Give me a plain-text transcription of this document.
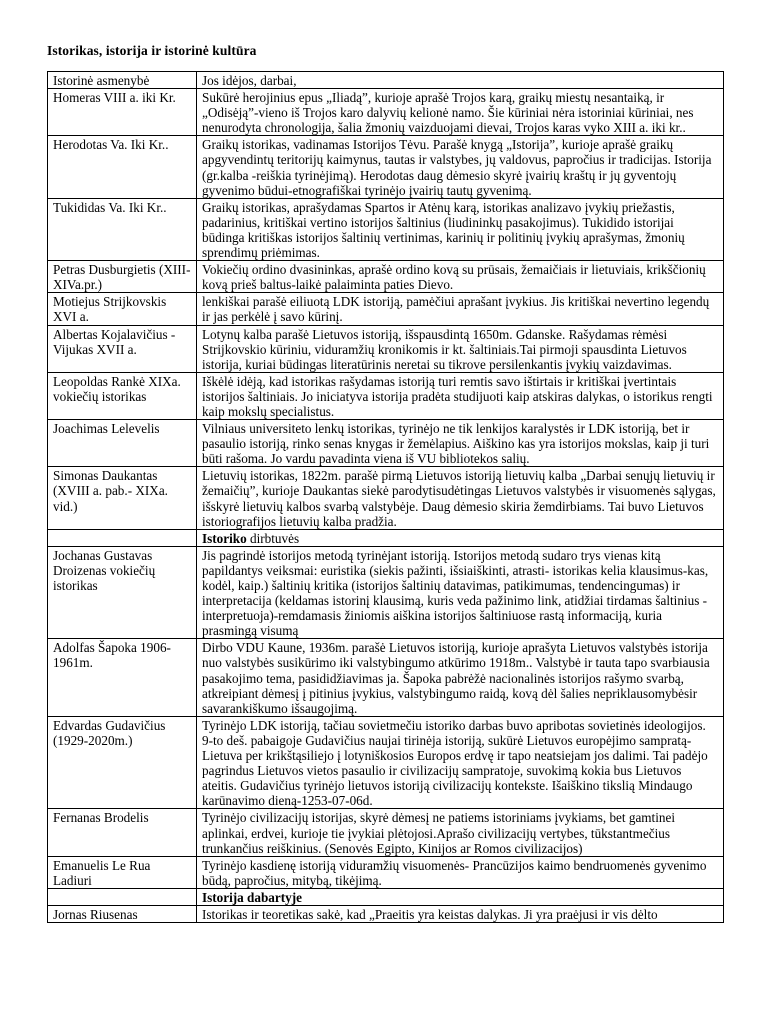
Istorikas, istorija ir istorinė kultūra
Istorinė asmenybė	Jos idėjos, darbai,
Homeras VIII a. iki Kr.	Sukūrė herojinius epus „Iliadą”, kurioje aprašė Trojos karą, graikų miestų nesantaiką, ir „Odisėją”-vieno iš Trojos karo dalyvių kelionė namo. Šie kūriniai nėra istoriniai kūriniai, nes nenurodyta chronologija, šalia žmonių vaizduojami dievai, Trojos karas vyko XIII a. iki kr..
Herodotas Va. Iki Kr..	Graikų istorikas, vadinamas Istorijos Tėvu. Parašė knygą „Istorija”, kurioje aprašė graikų apgyvendintų teritorijų kaimynus, tautas ir valstybes, jų valdovus, papročius ir tradicijas. Istorija (gr.kalba -reiškia tyrinėjimą). Herodotas daug dėmesio skyrė įvairių kraštų ir jų gyventojų gyvenimo būdui-etnografiškai tyrinėjo įvairių tautų gyvenimą.
Tukididas Va. Iki Kr..	Graikų istorikas, aprašydamas Spartos ir Atėnų karą, istorikas analizavo įvykių priežastis, padarinius, kritiškai vertino istorijos šaltinius (liudininkų pasakojimus). Tukidido istorijai būdinga kritiškas istorijos šaltinių vertinimas, karinių ir politinių įvykių aprašymas, žmonių sprendimų priėmimas.
Petras Dusburgietis (XIII-XIVa.pr.)	Vokiečių ordino dvasininkas, aprašė ordino kovą su prūsais, žemaičiais ir lietuviais, krikščionių kovą prieš baltus-laikė palaiminta paties Dievo.
Motiejus Strijkovskis XVI a.	lenkiškai parašė eiliuotą LDK istoriją, pamėčiui aprašant įvykius. Jis kritiškai nevertino legendų ir jas perkėlė į savo kūrinį.
Albertas Kojalavičius -Vijukas XVII a.	Lotynų kalba parašė Lietuvos istoriją, išspausdintą 1650m. Gdanske. Rašydamas rėmėsi Strijkovskio kūriniu, viduramžių kronikomis ir kt. šaltiniais.Tai pirmoji spausdinta Lietuvos istorija, kuriai būdingas literatūrinis neretai su tikrove persilenkantis įvykių vaizdavimas.
Leopoldas Rankė XIXa. vokiečių istorikas	Iškėlė idėją, kad istorikas rašydamas istoriją turi remtis savo ištirtais ir kritiškai įvertintais istorijos šaltiniais. Jo iniciatyva istorija pradėta studijuoti kaip atskiras dalykas, o istorikus rengti kaip mokslų specialistus.
Joachimas Lelevelis	Vilniaus universiteto lenkų istorikas, tyrinėjo ne tik lenkijos karalystės ir LDK istoriją, bet ir pasaulio istoriją, rinko senas knygas ir žemėlapius. Aiškino kas yra istorijos mokslas, kaip ji turi būti rašoma. Jo vardu pavadinta viena iš VU bibliotekos salių.
Simonas Daukantas (XVIII a. pab.- XIXa. vid.)	Lietuvių istorikas, 1822m. parašė pirmą Lietuvos istoriją lietuvių kalba „Darbai senųjų lietuvių ir žemaičių”, kurioje Daukantas siekė parodytisudėtingas Lietuvos valstybės ir visuomenės sąlygas, išskyrė lietuvių kalbos svarbą valstybėje. Daug dėmesio skiria žemdirbiams. Tai buvo Lietuvos istoriografijos lietuvių kalba pradžia.
	Istoriko dirbtuvės
Jochanas Gustavas Droizenas vokiečių istorikas	Jis pagrindė istorijos metodą tyrinėjant istoriją. Istorijos metodą sudaro trys vienas kitą papildantys veiksmai: euristika (siekis pažinti, išsiaiškinti, atrasti- istorikas kelia klausimus-kas, kodėl, kaip.) šaltinių kritika (istorijos šaltinių datavimas, patikimumas, tendencingumas) ir interpretacija (keldamas istorinį klausimą, kuris veda pažinimo link, atidžiai tirdamas šaltinius -interpretuoja)-remdamasis žiniomis aiškina istorijos šaltiniuose rastą informaciją, kuria prasmingą visumą
Adolfas Šapoka 1906-1961m.	Dirbo VDU Kaune, 1936m. parašė Lietuvos istoriją, kurioje aprašyta Lietuvos valstybės istorija nuo valstybės susikūrimo iki valstybingumo atkūrimo 1918m.. Valstybė ir tauta tapo svarbiausia pasakojimo tema, pasididžiavimas ja. Šapoka pabrėžė nacionalinės istorijos rašymo svarbą, atkreipiant dėmesį į pitinius įvykius, valstybingumo raidą, kovą dėl šalies nepriklausomybėsir savarankiškumo išsaugojimą.
Edvardas Gudavičius (1929-2020m.)	Tyrinėjo LDK istoriją, tačiau sovietmečiu istoriko darbas buvo apribotas sovietinės ideologijos. 9-to deš. pabaigoje Gudavičius naujai tirinėja istoriją, sukūrė Lietuvos europėjimo sampratą-Lietuva per krikštąsiliejo į lotyniškosios Europos erdvę ir tapo neatsiejam jos dalimi. Tai padėjo pagrindus Lietuvos vietos pasaulio ir civilizacijų sampratoje, suvokimą kokia bus Lietuvos ateitis. Gudavičius tyrinėjo lietuvos istoriją civilizacijų kontekste. Išaiškino tikslią Mindaugo karūnavimo dieną-1253-07-06d.
Fernanas Brodelis	Tyrinėjo civilizacijų istorijas, skyrė dėmesį ne patiems istoriniams įvykiams, bet gamtinei aplinkai, erdvei, kurioje tie įvykiai plėtojosi.Aprašo civilizacijų vertybes, tūkstantmečius trunkančius reiškinius. (Senovės Egipto, Kinijos ar Romos civilizacijos)
Emanuelis Le Rua Ladiuri	Tyrinėjo kasdienę istoriją viduramžių visuomenės- Prancūzijos kaimo bendruomenės gyvenimo būdą, papročius, mitybą, tikėjimą.
	Istorija dabartyje
Jornas Riusenas	Istorikas ir teoretikas sakė, kad „Praeitis yra keistas dalykas. Ji yra praėjusi ir vis dėlto
